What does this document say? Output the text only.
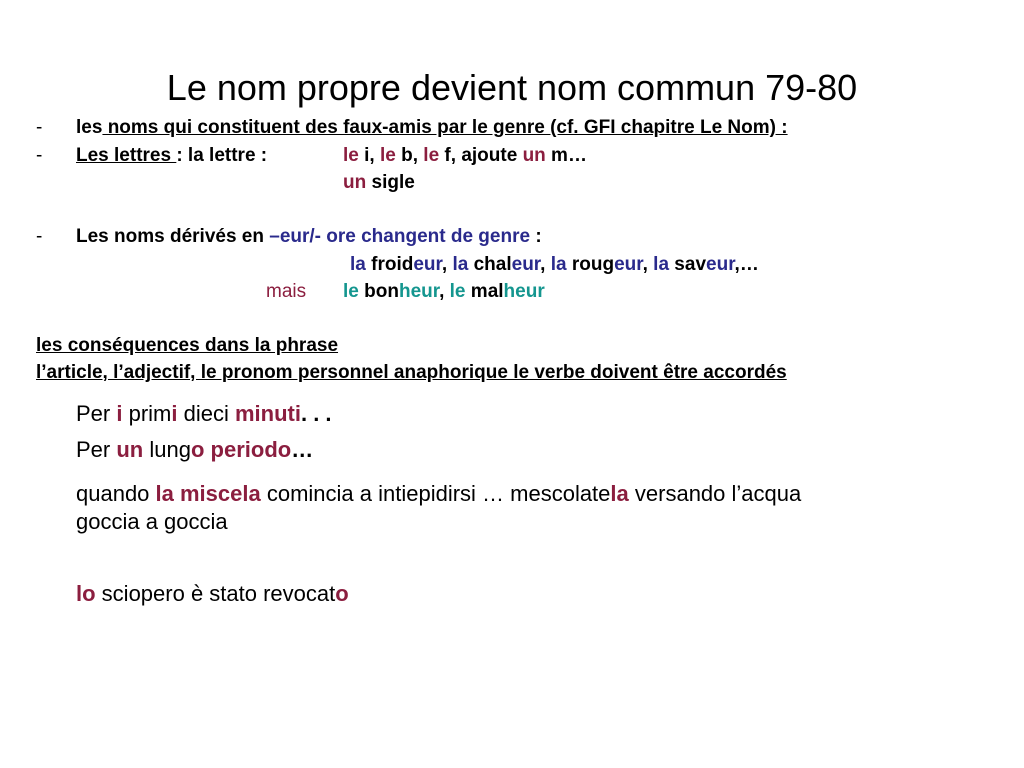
Le nom propre devient nom commun 79-80
- les noms qui constituent des faux-amis par le genre (cf. GFI chapitre Le Nom) :
- Les lettres : la lettre :	le i, le b, le f, ajoute un m…
un sigle
- Les noms dérivés en –eur/- ore changent de genre :
la froideur, la chaleur, la rougeur, la saveur,…
mais le bonheur, le malheur
les conséquences dans la phrase
l’article, l’adjectif, le pronom personnel anaphorique le verbe doivent être accordés
Per i primi dieci minuti. . .
Per un lungo periodo…
quando la miscela comincia a intiepidirsi … mescolatela versando l’acqua
goccia a goccia
lo sciopero è stato revocato
